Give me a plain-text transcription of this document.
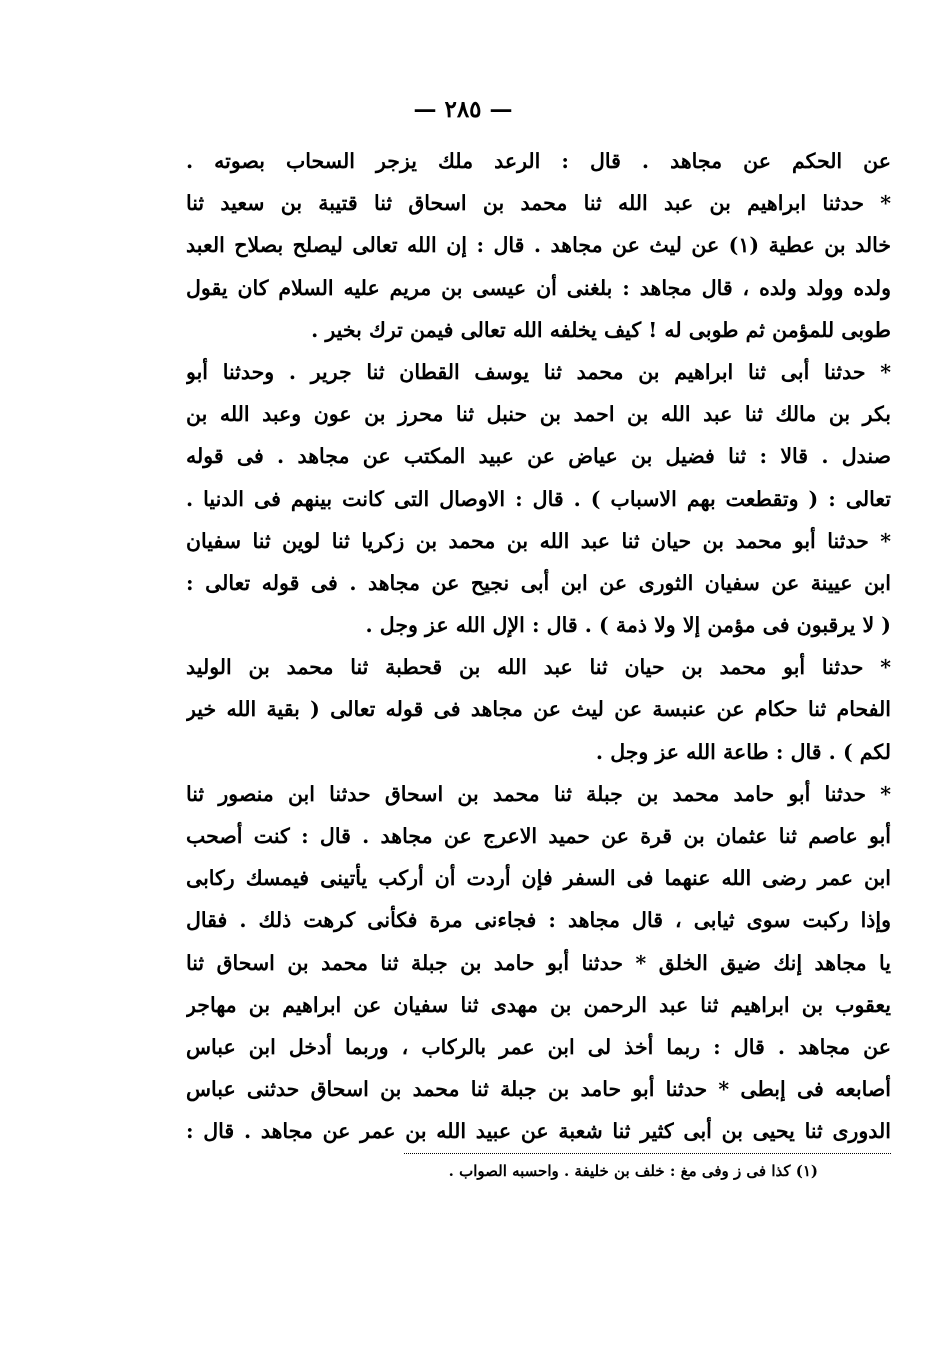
— ٢٨٥ —
عن الحكم عن مجاهد . قال : الرعد ملك يزجر السحاب بصوته .
* حدثنا ابراهيم بن عبد الله ثنا محمد بن اسحاق ثنا قتيبة بن سعيد ثنا
خالد بن عطية (١) عن ليث عن مجاهد . قال : إن الله تعالى ليصلح بصلاح العبد
ولده وولد ولده ، قال مجاهد : بلغنى أن عيسى بن مريم عليه السلام كان يقول
طوبى للمؤمن ثم طوبى له ! كيف يخلفه الله تعالى فيمن ترك بخير .
* حدثنا أبى ثنا ابراهيم بن محمد ثنا يوسف القطان ثنا جرير . وحدثنا أبو
بكر بن مالك ثنا عبد الله بن احمد بن حنبل ثنا محرز بن عون وعبد الله بن
صندل . قالا : ثنا فضيل بن عياض عن عبيد المكتب عن مجاهد . فى قوله
تعالى : ( وتقطعت بهم الاسباب ) . قال : الاوصال التى كانت بينهم فى الدنيا .
* حدثنا أبو محمد بن حيان ثنا عبد الله بن محمد بن زكريا ثنا لوين ثنا سفيان
ابن عيينة عن سفيان الثورى عن ابن أبى نجيح عن مجاهد . فى قوله تعالى :
( لا يرقبون فى مؤمن إلا ولا ذمة ) . قال : الإل الله عز وجل .
* حدثنا أبو محمد بن حيان ثنا عبد الله بن قحطبة ثنا محمد بن الوليد
الفحام ثنا حكام عن عنبسة عن ليث عن مجاهد فى قوله تعالى ( بقية الله خير
لكم ) . قال : طاعة الله عز وجل .
* حدثنا أبو حامد محمد بن جبلة ثنا محمد بن اسحاق حدثنا ابن منصور ثنا
أبو عاصم ثنا عثمان بن قرة عن حميد الاعرج عن مجاهد . قال : كنت أصحب
ابن عمر رضى الله عنهما فى السفر فإن أردت أن أركب يأتينى فيمسك ركابى
وإذا ركبت سوى ثيابى ، قال مجاهد : فجاءنى مرة فكأنى كرهت ذلك . فقال
يا مجاهد إنك ضيق الخلق * حدثنا أبو حامد بن جبلة ثنا محمد بن اسحاق ثنا
يعقوب بن ابراهيم ثنا عبد الرحمن بن مهدى ثنا سفيان عن ابراهيم بن مهاجر
عن مجاهد . قال : ربما أخذ لى ابن عمر بالركاب ، وربما أدخل ابن عباس
أصابعه فى إبطى * حدثنا أبو حامد بن جبلة ثنا محمد بن اسحاق حدثنى عباس
الدورى ثنا يحيى بن أبى كثير ثنا شعبة عن عبيد الله بن عمر عن مجاهد . قال :
(١) كذا فى ز وفى مغ : خلف بن خليفة . واحسبه الصواب .
